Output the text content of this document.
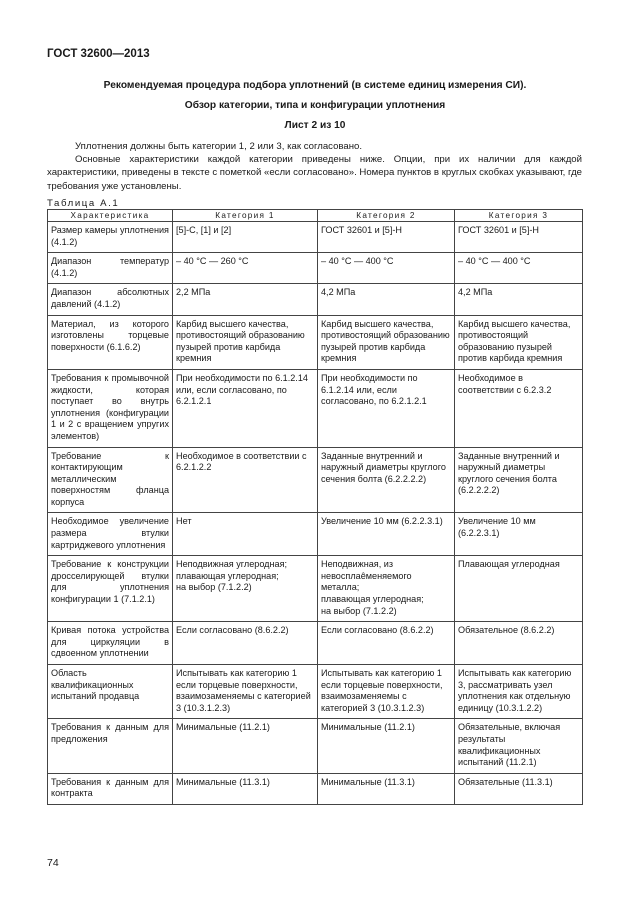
ГОСТ 32600—2013
Рекомендуемая процедура подбора уплотнений (в системе единиц измерения СИ).
Обзор категории, типа и конфигурации уплотнения
Лист 2 из 10

Уплотнения должны быть категории 1, 2 или 3, как согласовано.

Основные характеристики каждой категории приведены ниже. Опции, при их наличии для каждой характеристики, приведены в тексте с пометкой «если согласовано». Номера пунктов в круглых скобках указывают, где требования уже установлены.

Таблица А.1
Характеристика	Категория 1	Категория 2	Категория 3
Размер камеры уплотнения (4.1.2)	[5]-С, [1] и [2]	ГОСТ 32601 и [5]-Н	ГОСТ 32601 и [5]-Н
Диапазон температур (4.1.2)	– 40 °С — 260 °С	– 40 °С — 400 °С	– 40 °С — 400 °С
Диапазон абсолютных давлений (4.1.2)	2,2 МПа	4,2 МПа	4,2 МПа
Материал, из которого изготовлены торцевые поверхности (6.1.6.2)	Карбид высшего качества, противостоящий образованию пузырей против карбида кремния	Карбид высшего качества, противостоящий образованию пузырей против карбида кремния	Карбид высшего качества, противостоящий образованию пузырей против карбида кремния
Требования к промывочной жидкости, которая поступает во внутрь уплотнения (конфигурации 1 и 2 с вращением упругих элементов)	При необходимости по 6.1.2.14 или, если согласовано, по 6.2.1.2.1	При необходимости по 6.1.2.14 или, если согласовано, по 6.2.1.2.1	Необходимое в соответствии с 6.2.3.2
Требование к контактирующим металлическим поверхностям фланца корпуса	Необходимое в соответствии с 6.2.1.2.2	Заданные внутренний и наружный диаметры круглого сечения болта (6.2.2.2.2)	Заданные внутренний и наружный диаметры круглого сечения болта (6.2.2.2.2)
Необходимое увеличение размера втулки картриджевого уплотнения	Нет	Увеличение 10 мм (6.2.2.3.1)	Увеличение 10 мм (6.2.2.3.1)
Требование к конструкции дросселирующей втулки для уплотнения конфигурации 1 (7.1.2.1)	Неподвижная углеродная;
плавающая углеродная;
на выбор (7.1.2.2)	Неподвижная, из невосплаêменяемого металла;
плавающая углеродная;
на выбор (7.1.2.2)	Плавающая углеродная
Кривая потока устройства для циркуляции в сдвоенном уплотнении	Если согласовано (8.6.2.2)	Если согласовано (8.6.2.2)	Обязательное (8.6.2.2)
Область квалификационных испытаний продавца	Испытывать как категорию 1 если торцевые поверхности, взаимозаменяемы с категорией 3 (10.3.1.2.3)	Испытывать как категорию 1 если торцевые поверхности, взаимозаменяемы с категорией 3 (10.3.1.2.3)	Испытывать как категорию 3, рассматривать узел уплотнения как отдельную единицу (10.3.1.2.2)
Требования к данным для предложения	Минимальные (11.2.1)	Минимальные (11.2.1)	Обязательные, включая результаты квалификационных испытаний (11.2.1)
Требования к данным для контракта	Минимальные (11.3.1)	Минимальные (11.3.1)	Обязательные (11.3.1)
74
